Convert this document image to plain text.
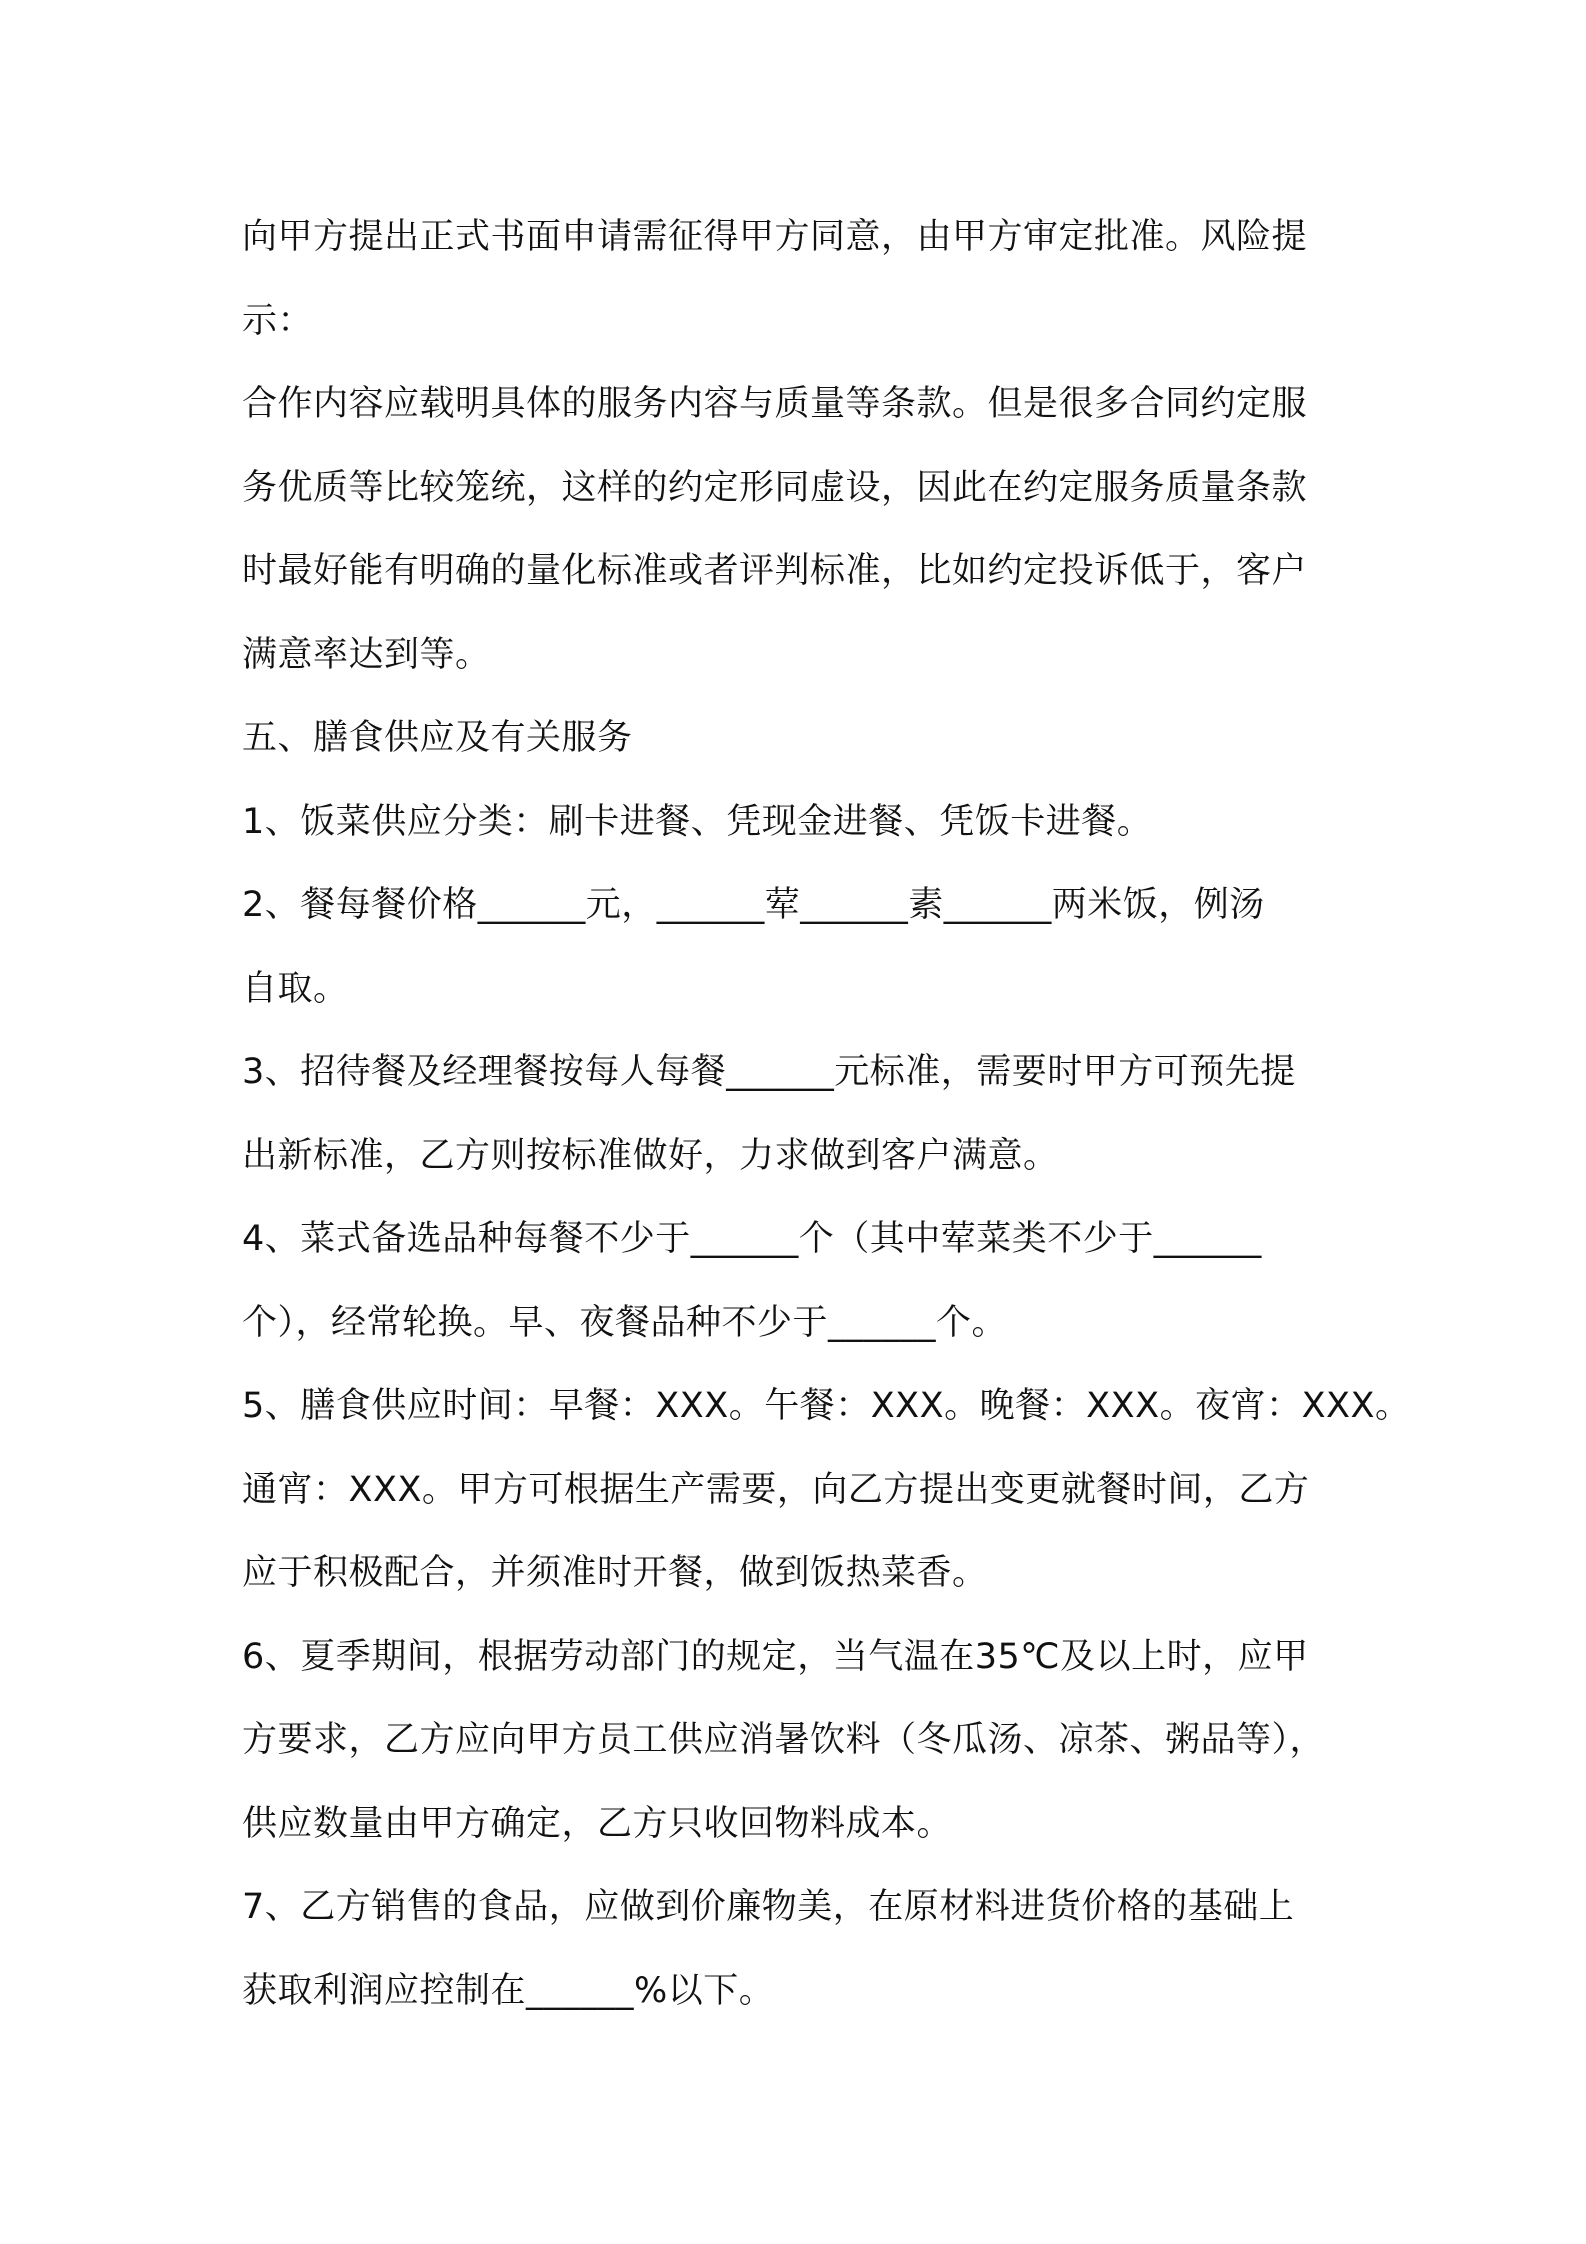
向甲方提出正式书面申请需征得甲方同意，由甲方审定批准。风险提
示：
合作内容应载明具体的服务内容与质量等条款。但是很多合同约定服
务优质等比较笼统，这样的约定形同虚设，因此在约定服务质量条款
时最好能有明确的量化标准或者评判标准，比如约定投诉低于，客户
满意率达到等。
五、膳食供应及有关服务
1、饭菜供应分类：刷卡进餐、凭现金进餐、凭饭卡进餐。
2、餐每餐价格______元，______荤______素______两米饭，例汤
自取。
3、招待餐及经理餐按每人每餐______元标准，需要时甲方可预先提
出新标准，乙方则按标准做好，力求做到客户满意。
4、菜式备选品种每餐不少于______个（其中荤菜类不少于______
个），经常轮换。早、夜餐品种不少于______个。
5、膳食供应时间：早餐：XXX。午餐：XXX。晚餐：XXX。夜宵：XXX。
通宵：XXX。甲方可根据生产需要，向乙方提出变更就餐时间，乙方
应于积极配合，并须准时开餐，做到饭热菜香。
6、夏季期间，根据劳动部门的规定，当气温在35℃及以上时，应甲
方要求，乙方应向甲方员工供应消暑饮料（冬瓜汤、凉茶、粥品等），
供应数量由甲方确定，乙方只收回物料成本。
7、乙方销售的食品，应做到价廉物美，在原材料进货价格的基础上
获取利润应控制在______%以下。
